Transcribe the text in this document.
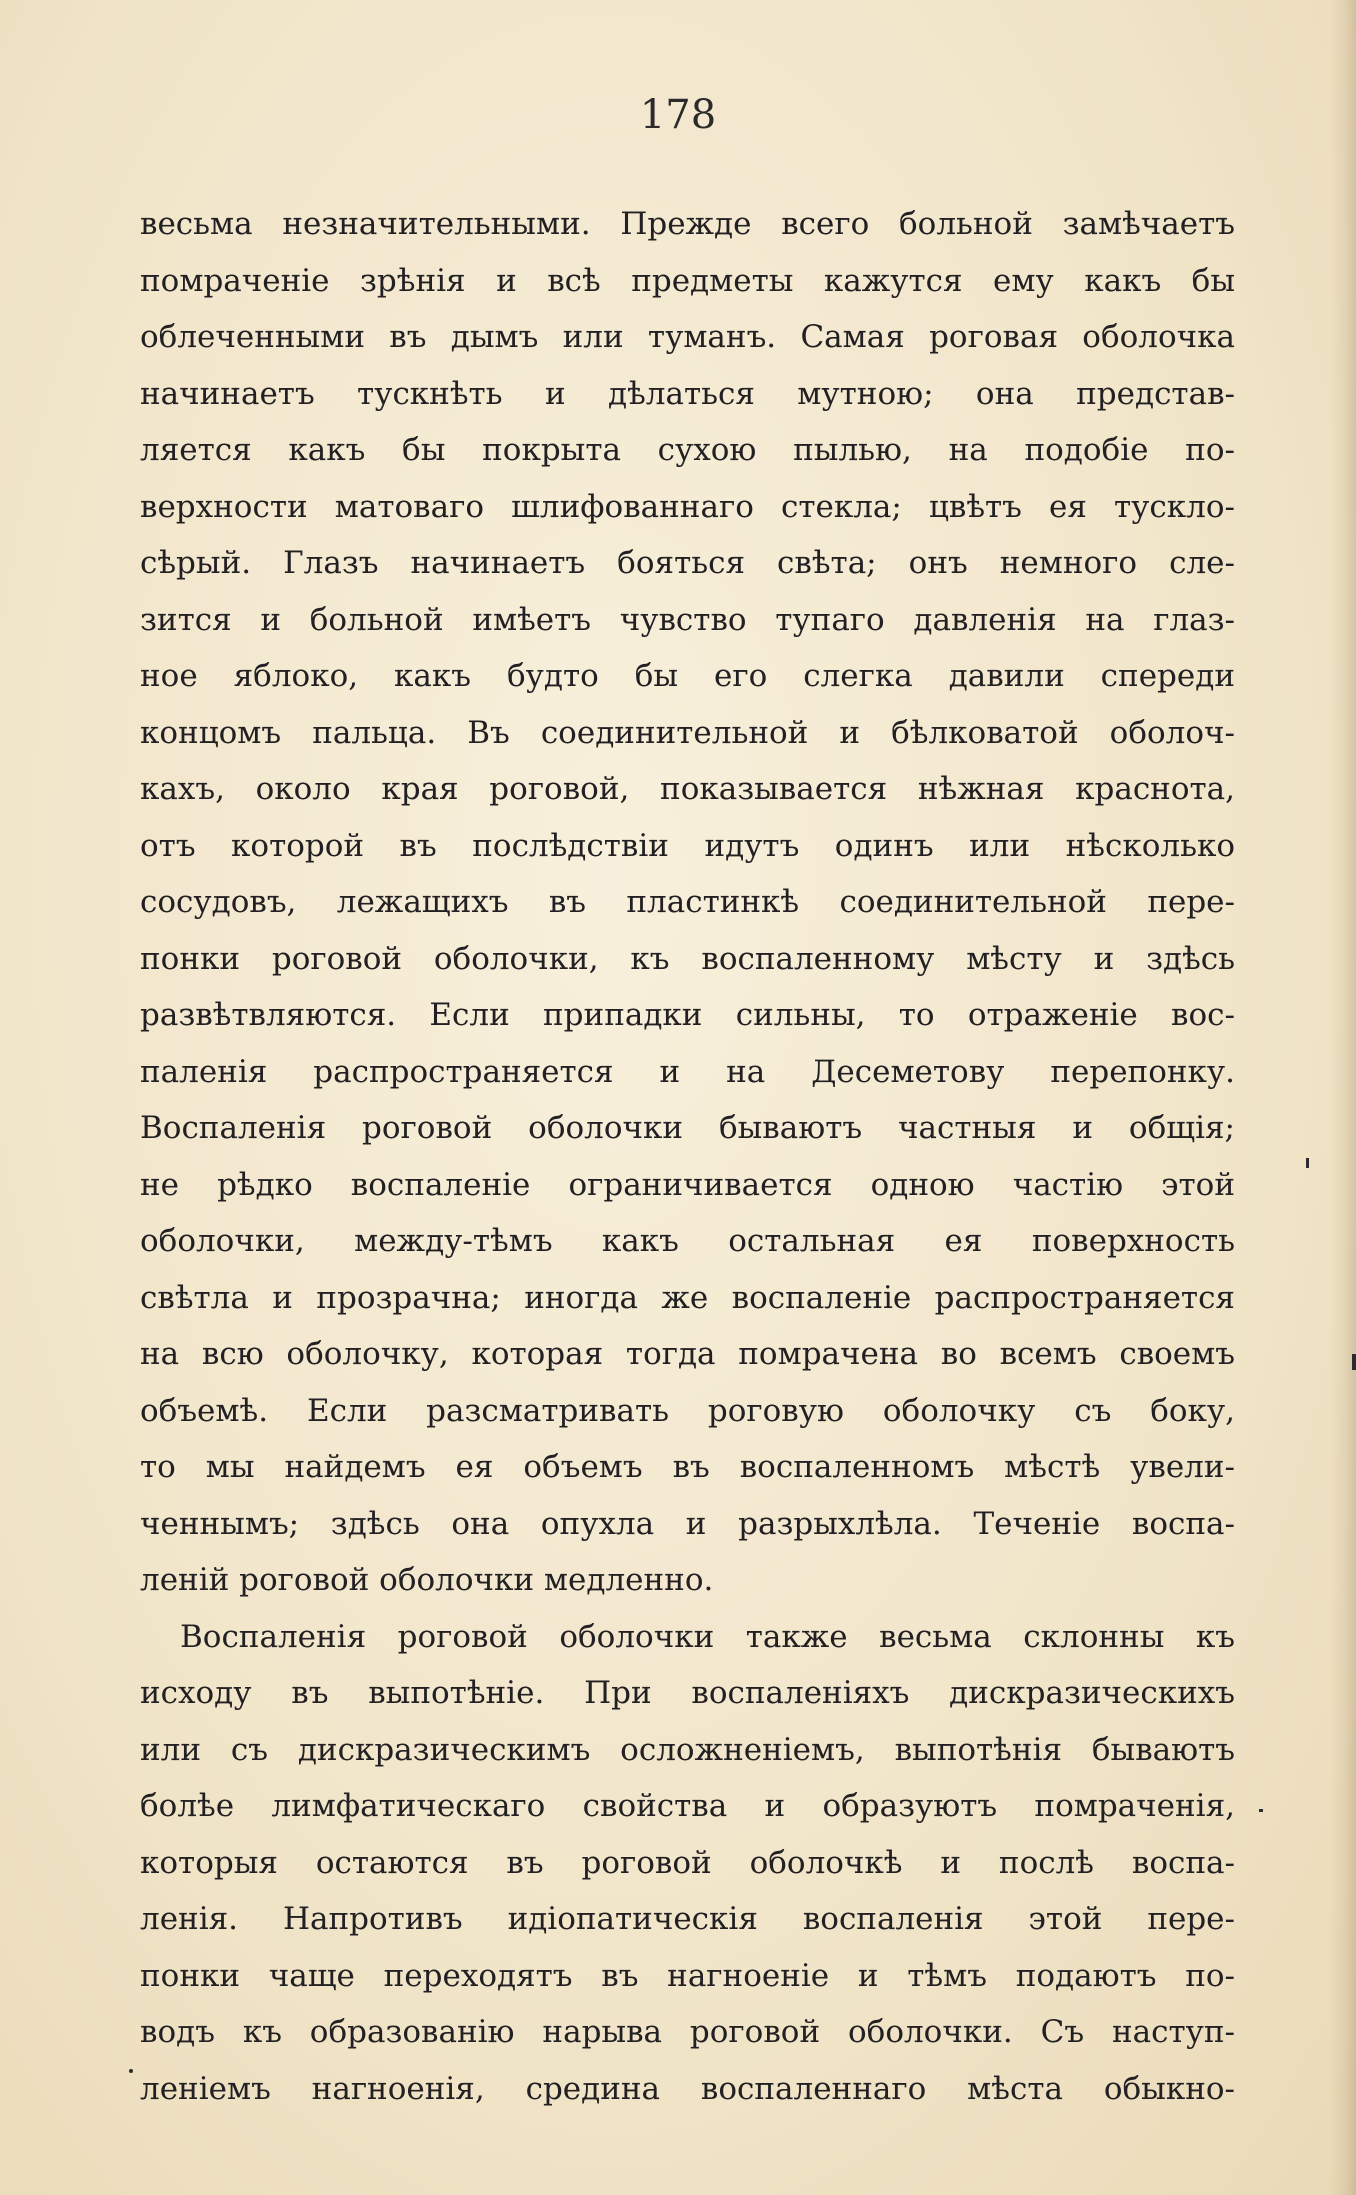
178
весьма незначительными. Прежде всего больной замѣчаетъ
помраченіе зрѣнія и всѣ предметы кажутся ему какъ бы
облеченными въ дымъ или туманъ. Самая роговая оболочка
начинаетъ тускнѣть и дѣлаться мутною; она представ-
ляется какъ бы покрыта сухою пылью, на подобіе по-
верхности матоваго шлифованнаго стекла; цвѣтъ ея тускло-
сѣрый. Глазъ начинаетъ бояться свѣта; онъ немного сле-
зится и больной имѣетъ чувство тупаго давленія на глаз-
ное яблоко, какъ будто бы его слегка давили спереди
концомъ пальца. Въ соединительной и бѣлковатой оболоч-
кахъ, около края роговой, показывается нѣжная краснота,
отъ которой въ послѣдствіи идутъ одинъ или нѣсколько
сосудовъ, лежащихъ въ пластинкѣ соединительной пере-
понки роговой оболочки, къ воспаленному мѣсту и здѣсь
развѣтвляются. Если припадки сильны, то отраженіе вос-
паленія распространяется и на Десеметову перепонку.
Воспаленія роговой оболочки бываютъ частныя и общія;
не рѣдко воспаленіе ограничивается одною частію этой
оболочки, между-тѣмъ какъ остальная ея поверхность
свѣтла и прозрачна; иногда же воспаленіе распространяется
на всю оболочку, которая тогда помрачена во всемъ своемъ
объемѣ. Если разсматривать роговую оболочку съ боку,
то мы найдемъ ея объемъ въ воспаленномъ мѣстѣ увели-
ченнымъ; здѣсь она опухла и разрыхлѣла. Теченіе воспа-
леній роговой оболочки медленно.
Воспаленія роговой оболочки также весьма склонны къ
исходу въ выпотѣніе. При воспаленіяхъ дискразическихъ
или съ дискразическимъ осложненіемъ, выпотѣнія бываютъ
болѣе лимфатическаго свойства и образуютъ помраченія,
которыя остаются въ роговой оболочкѣ и послѣ воспа-
ленія. Напротивъ идіопатическія воспаленія этой пере-
понки чаще переходятъ въ нагноеніе и тѣмъ подаютъ по-
водъ къ образованію нарыва роговой оболочки. Съ наступ-
леніемъ нагноенія, средина воспаленнаго мѣста обыкно-
